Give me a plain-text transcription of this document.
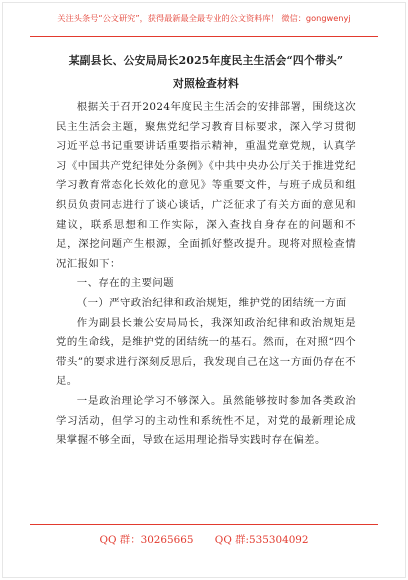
关注头条号“公文研究”，获得最新最全最专业的公文资料库！ 微信：gongwenyj
某副县长、公安局局长2025年度民主生活会“四个带头”
对照检查材料

根据关于召开2024年度民主生活会的安排部署，围绕这次民主生活会主题，聚焦党纪学习教育目标要求，深入学习贯彻习近平总书记重要讲话重要指示精神，重温党章党规，认真学习《中国共产党纪律处分条例》《中共中央办公厅关于推进党纪学习教育常态化长效化的意见》等重要文件，与班子成员和组织员负责同志进行了谈心谈话，广泛征求了有关方面的意见和建议，联系思想和工作实际，深入查找自身存在的问题和不足，深挖问题产生根源，全面抓好整改提升。现将对照检查情况汇报如下：

一、存在的主要问题

（一）严守政治纪律和政治规矩，维护党的团结统一方面

作为副县长兼公安局局长，我深知政治纪律和政治规矩是党的生命线，是维护党的团结统一的基石。然而，在对照“四个带头”的要求进行深刻反思后，我发现自己在这一方面仍存在不足。

一是政治理论学习不够深入。虽然能够按时参加各类政治学习活动，但学习的主动性和系统性不足，对党的最新理论成果掌握不够全面，导致在运用理论指导实践时存在偏差。

QQ 群：30265665 QQ 群:535304092
